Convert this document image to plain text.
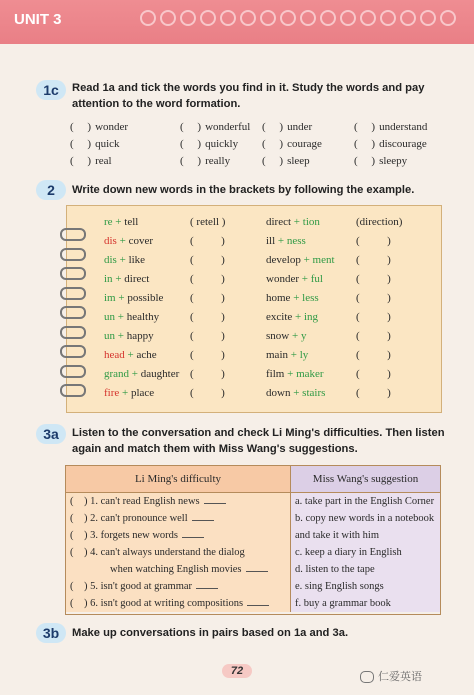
UNIT 3
1c	Read 1a and tick the words you find in it. Study the words and pay
attention to the word formation.
(     ) wonder	(     ) wonderful (     ) under	(     ) understand
(     ) quick	(     ) quickly (     ) courage	(     ) discourage
(     ) real	(     ) really	(     ) sleep	(     ) sleepy
2	Write down new words in the brackets by following the example.
re + tell	( retell )	direct + tion	(direction)
dis + cover	(          )	ill + ness	(          )
dis + like	(          )	develop + ment (          )
in + direct	(          )	wonder + ful	(          )
im + possible (          )	home + less	(          )
un + healthy	(          )	excite + ing	(          )
un + happy	(          )	snow + y	(          )
head + ache	(          )	main + ly	(          )
grand + daughter (          )	film + maker	(          )
fire + place	(          )	down + stairs	(          )
3a	Listen to the conversation and check Li Ming's difficulties. Then listen
again and match them with Miss Wang's suggestions.
Li Ming's difficulty	Miss Wang's suggestion
(    ) 1. can't read English news	a. take part in the English Corner
(    ) 2. can't pronounce well	b. copy new words in a notebook
(    ) 3. forgets new words	and take it with him
(    ) 4. can't always understand the dialog	c. keep a diary in English
when watching English movies	d. listen to the tape
(    ) 5. isn't good at grammar	e. sing English songs
(    ) 6. isn't good at writing compositions	f. buy a grammar book
3b	Make up conversations in pairs based on 1a and 3a.
72	仁爱英语
